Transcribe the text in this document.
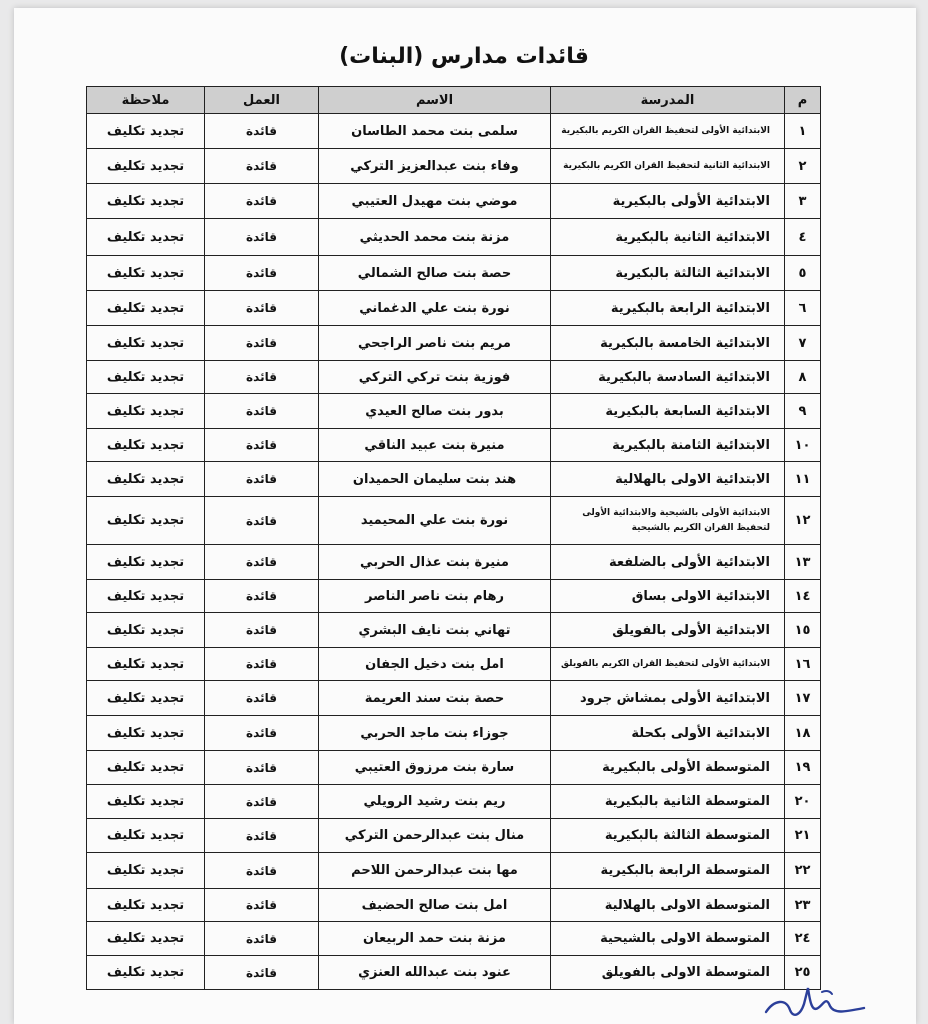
قائدات مدارس (البنات)
م	المدرسة	الاسم	العمل	ملاحظة
١	الابتدائية الأولى لتحفيظ القران الكريم بالبكيرية	سلمى بنت محمد الطاسان	قائدة	تجديد تكليف
٢	الابتدائية الثانية لتحفيظ القران الكريم بالبكيرية	وفاء بنت عبدالعزيز التركي	قائدة	تجديد تكليف
٣	الابتدائية الأولى بالبكيرية	موضي بنت مهيدل العتيبي	قائدة	تجديد تكليف
٤	الابتدائية الثانية بالبكيرية	مزنة بنت محمد الحديثي	قائدة	تجديد تكليف
٥	الابتدائية الثالثة بالبكيرية	حصة بنت صالح الشمالي	قائدة	تجديد تكليف
٦	الابتدائية الرابعة بالبكيرية	نورة بنت علي الدغماني	قائدة	تجديد تكليف
٧	الابتدائية الخامسة بالبكيرية	مريم بنت ناصر الراجحي	قائدة	تجديد تكليف
٨	الابتدائية السادسة بالبكيرية	فوزية بنت تركي التركي	قائدة	تجديد تكليف
٩	الابتدائية السابعة بالبكيرية	بدور بنت صالح العيدي	قائدة	تجديد تكليف
١٠	الابتدائية الثامنة بالبكيرية	منيرة بنت عبيد الناقي	قائدة	تجديد تكليف
١١	الابتدائية الاولى بالهلالية	هند بنت سليمان الحميدان	قائدة	تجديد تكليف
١٢	الابتدائية الأولى بالشيحية والابتدائية الأولى لتحفيظ القران الكريم بالشيحية	نورة بنت علي المحيميد	قائدة	تجديد تكليف
١٣	الابتدائية الأولى بالضلفعة	منيرة بنت عذال الحربي	قائدة	تجديد تكليف
١٤	الابتدائية الاولى بساق	رهام بنت ناصر الناصر	قائدة	تجديد تكليف
١٥	الابتدائية الأولى بالفويلق	تهاني بنت نايف البشري	قائدة	تجديد تكليف
١٦	الابتدائية الأولى لتحفيظ القران الكريم بالفويلق	امل بنت دخيل الجفان	قائدة	تجديد تكليف
١٧	الابتدائية الأولى بمشاش جرود	حصة بنت سند العريمة	قائدة	تجديد تكليف
١٨	الابتدائية الأولى بكحلة	جوزاء بنت ماجد الحربي	قائدة	تجديد تكليف
١٩	المتوسطة الأولى بالبكيرية	سارة بنت مرزوق العتيبي	قائدة	تجديد تكليف
٢٠	المتوسطة الثانية بالبكيرية	ريم بنت رشيد الرويلي	قائدة	تجديد تكليف
٢١	المتوسطة الثالثة بالبكيرية	منال بنت عبدالرحمن التركي	قائدة	تجديد تكليف
٢٢	المتوسطة الرابعة بالبكيرية	مها بنت عبدالرحمن اللاحم	قائدة	تجديد تكليف
٢٣	المتوسطة الاولى بالهلالية	امل بنت صالح الحضيف	قائدة	تجديد تكليف
٢٤	المتوسطة الاولى بالشيحية	مزنة بنت حمد الربيعان	قائدة	تجديد تكليف
٢٥	المتوسطة الاولى بالفويلق	عنود بنت عبدالله العنزي	قائدة	تجديد تكليف
